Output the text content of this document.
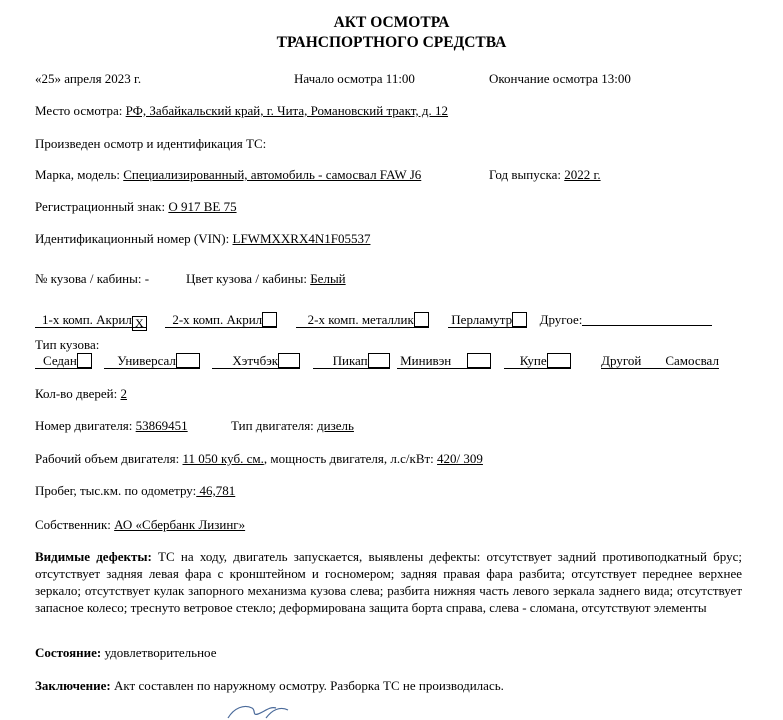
АКТ ОСМОТРА
ТРАНСПОРТНОГО СРЕДСТВА
«25» апреля 2023 г.	Начало осмотра 11:00	Окончание осмотра 13:00
Место осмотра: РФ, Забайкальский край, г. Чита, Романовский тракт, д. 12
Произведен осмотр и идентификация ТС:
Марка, модель: Специализированный, автомобиль - самосвал FAW J6	Год выпуска: 2022 г.
Регистрационный знак: О 917 ВЕ 75
Идентификационный номер (VIN): LFWMXXRX4N1F05537
№ кузова / кабины: -	Цвет кузова / кабины: Белый
1-х комп. Акрил X 2-х комп. Акрил	2-х комп. металлик	Перламутр Другое:
Тип кузова:
Седан	Универсал	Хэтчбэк	Пикап	Минивэн	Купе	Другой Самосвал
Кол-во дверей: 2
Номер двигателя: 53869451	Тип двигателя: дизель
Рабочий объем двигателя: 11 050 куб. см., мощность двигателя, л.с/кВт: 420/ 309
Пробег, тыс.км. по одометру: 46,781
Собственник: АО «Сбербанк Лизинг»
Видимые дефекты: ТС на ходу, двигатель запускается, выявлены дефекты: отсутствует задний противоподкатный брус; отсутствует задняя левая фара с кронштейном и госномером; задняя правая фара разбита; отсутствует переднее верхнее зеркало; отсутствует кулак запорного механизма кузова слева; разбита нижняя часть левого зеркала заднего вида; отсутствует запасное колесо; треснуто ветровое стекло; деформирована защита борта справа, слева - сломана, отсутствуют элементы
Состояние: удовлетворительное
Заключение: Акт составлен по наружному осмотру. Разборка ТС не производилась.
